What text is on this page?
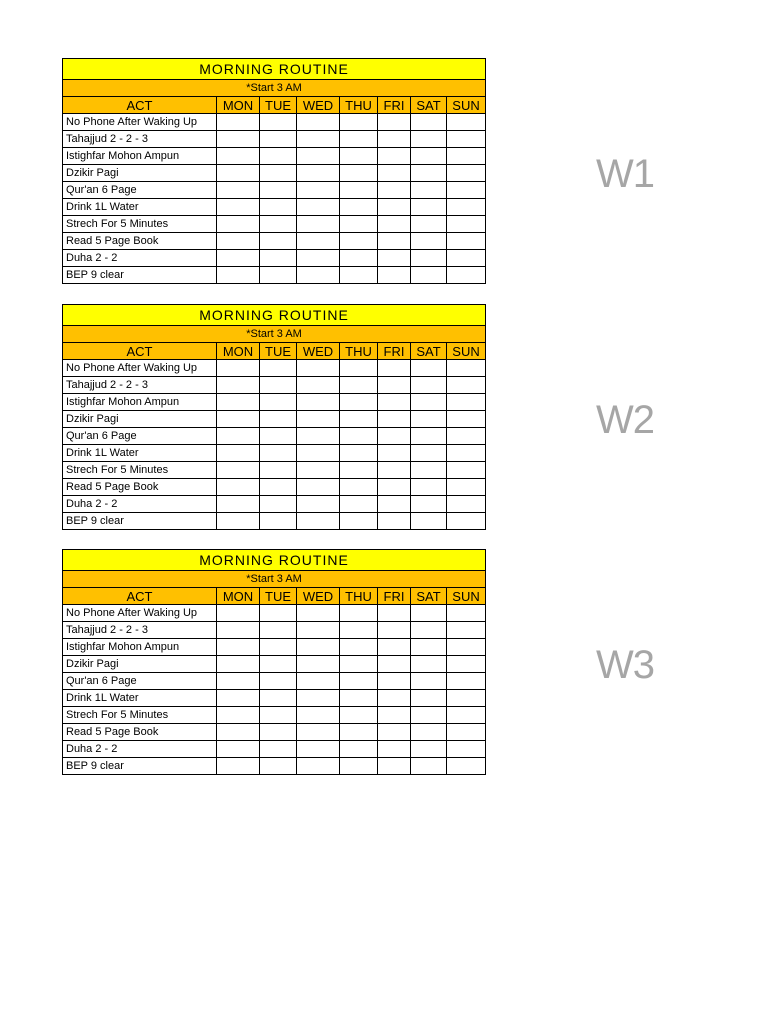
MORNING ROUTINE							
*Start 3 AM							
ACT	MON	TUE	WED	THU	FRI	SAT	SUN
No Phone After Waking Up							
Tahajjud 2 - 2 - 3							
Istighfar Mohon Ampun							
Dzikir Pagi							
Qur'an 6 Page							
Drink 1L Water							
Strech For 5 Minutes							
Read 5 Page Book							
Duha 2 - 2							
BEP 9 clear							
W1
MORNING ROUTINE							
*Start 3 AM							
ACT	MON	TUE	WED	THU	FRI	SAT	SUN
No Phone After Waking Up							
Tahajjud 2 - 2 - 3							
Istighfar Mohon Ampun							
Dzikir Pagi							
Qur'an 6 Page							
Drink 1L Water							
Strech For 5 Minutes							
Read 5 Page Book							
Duha 2 - 2							
BEP 9 clear							
W2
MORNING ROUTINE							
*Start 3 AM							
ACT	MON	TUE	WED	THU	FRI	SAT	SUN
No Phone After Waking Up							
Tahajjud 2 - 2 - 3							
Istighfar Mohon Ampun							
Dzikir Pagi							
Qur'an 6 Page							
Drink 1L Water							
Strech For 5 Minutes							
Read 5 Page Book							
Duha 2 - 2							
BEP 9 clear							
W3
